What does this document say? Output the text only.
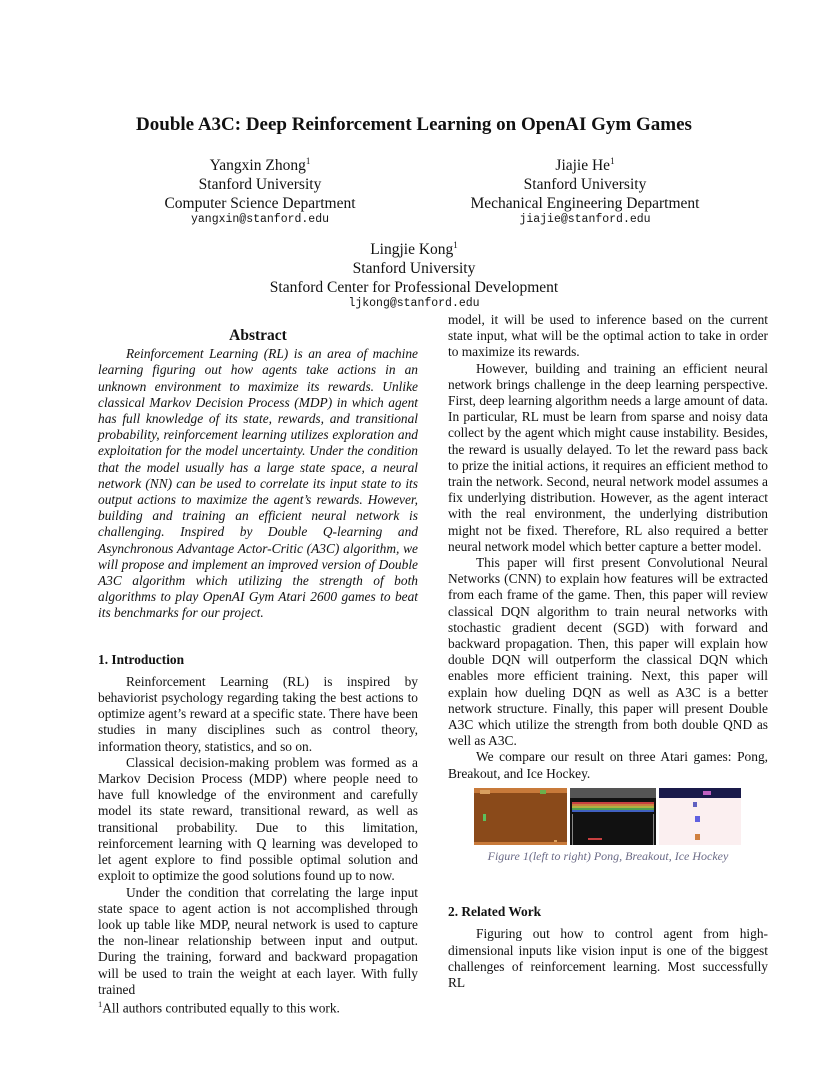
Double A3C: Deep Reinforcement Learning on OpenAI Gym Games
Yangxin Zhong$^1$
Stanford University
Computer Science Department
yangxin@stanford.edu
Jiajie He$^1$
Stanford University
Mechanical Engineering Department
jiajie@stanford.edu
Lingjie Kong$^1$
Stanford University
Stanford Center for Professional Development
ljkong@stanford.edu
Abstract

Reinforcement Learning (RL) is an area of machine learning figuring out how agents take actions in an unknown environment to maximize its rewards. Unlike classical Markov Decision Process (MDP) in which agent has full knowledge of its state, rewards, and transitional probability, reinforcement learning utilizes exploration and exploitation for the model uncertainty. Under the condition that the model usually has a large state space, a neural network (NN) can be used to correlate its input state to its output actions to maximize the agent’s rewards. However, building and training an efficient neural network is challenging. Inspired by Double Q-learning and Asynchronous Advantage Actor-Critic (A3C) algorithm, we will propose and implement an improved version of Double A3C algorithm which utilizing the strength of both algorithms to play OpenAI Gym Atari 2600 games to beat its benchmarks for our project.

1. Introduction

Reinforcement Learning (RL) is inspired by behaviorist psychology regarding taking the best actions to optimize agent’s reward at a specific state. There have been studies in many disciplines such as control theory, information theory, statistics, and so on.

Classical decision-making problem was formed as a Markov Decision Process (MDP) where people need to have full knowledge of the environment and carefully model its state reward, transitional reward, as well as transitional probability. Due to this limitation, reinforcement learning with Q learning was developed to let agent explore to find possible optimal solution and exploit to optimize the good solutions found up to now.

Under the condition that correlating the large input state space to agent action is not accomplished through look up table like MDP, neural network is used to capture the non-linear relationship between input and output. During the training, forward and backward propagation will be used to train the weight at each layer. With fully trained

model, it will be used to inference based on the current state input, what will be the optimal action to take in order to maximize its rewards.

However, building and training an efficient neural network brings challenge in the deep learning perspective. First, deep learning algorithm needs a large amount of data. In particular, RL must be learn from sparse and noisy data collect by the agent which might cause instability. Besides, the reward is usually delayed. To let the reward pass back to prize the initial actions, it requires an efficient method to train the network. Second, neural network model assumes a fix underlying distribution. However, as the agent interact with the real environment, the underlying distribution might not be fixed. Therefore, RL also required a better neural network model which better capture a better model.

This paper will first present Convolutional Neural Networks (CNN) to explain how features will be extracted from each frame of the game. Then, this paper will review classical DQN algorithm to train neural networks with stochastic gradient decent (SGD) with forward and backward propagation. Then, this paper will explain how double DQN will outperform the classical DQN which enables more efficient training. Next, this paper will explain how dueling DQN as well as A3C is a better network structure. Finally, this paper will present Double A3C which utilize the strength from both double QND as well as A3C.

We compare our result on three Atari games: Pong, Breakout, and Ice Hockey.

Figure 1(left to right) Pong, Breakout, Ice Hockey
2. Related Work

Figuring out how to control agent from high-dimensional inputs like vision input is one of the biggest challenges of reinforcement learning. Most successfully RL

$^1$All authors contributed equally to this work.
